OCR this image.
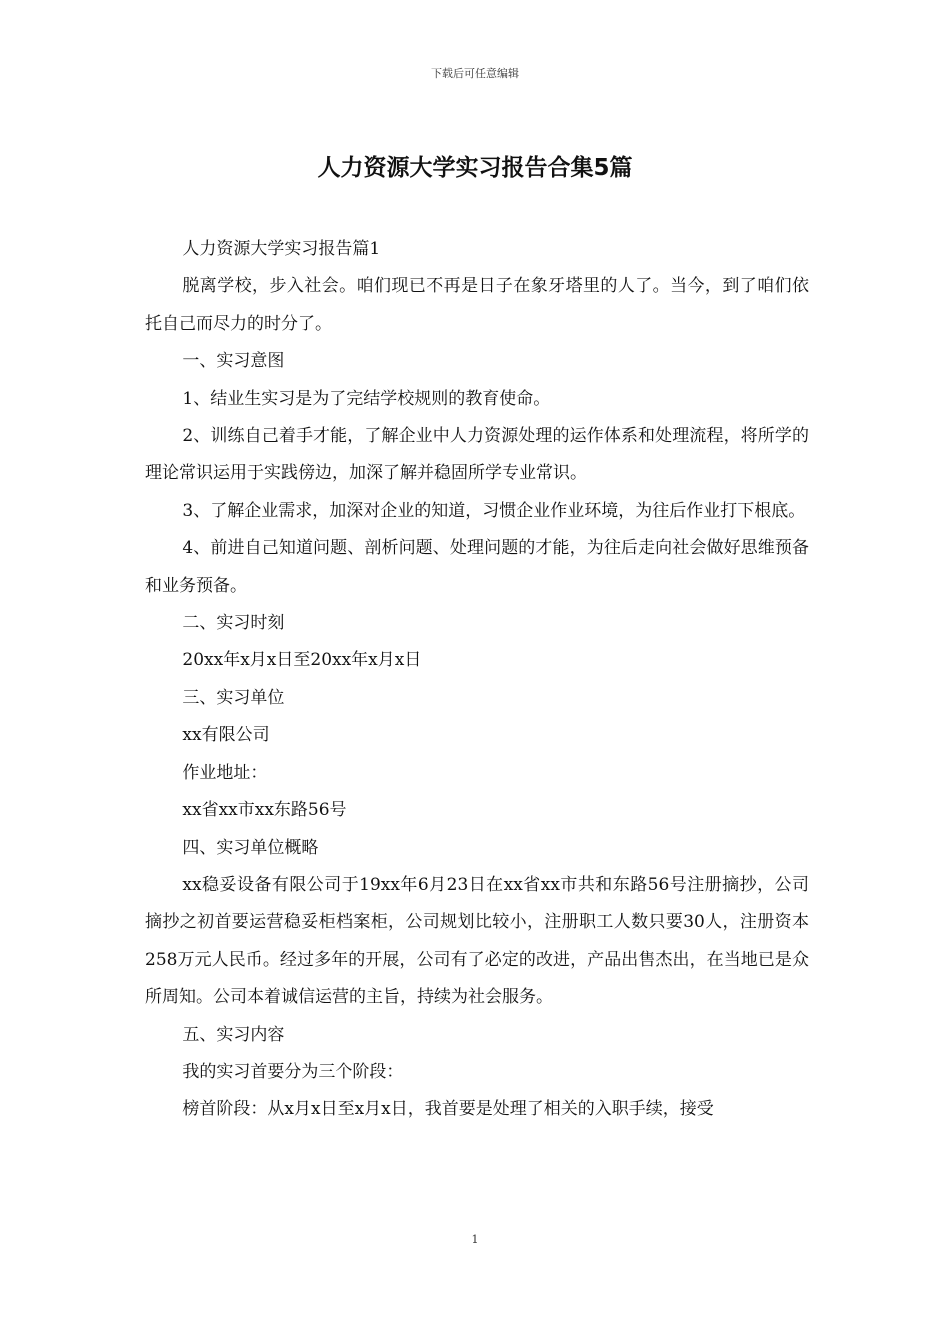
下载后可任意编辑
人力资源大学实习报告合集5篇

人力资源大学实习报告篇1

脱离学校，步入社会。咱们现已不再是日子在象牙塔里的人了。当今，到了咱们依托自己而尽力的时分了。

一、实习意图

1、结业生实习是为了完结学校规则的教育使命。

2、训练自己着手才能，了解企业中人力资源处理的运作体系和处理流程，将所学的理论常识运用于实践傍边，加深了解并稳固所学专业常识。

3、了解企业需求，加深对企业的知道，习惯企业作业环境，为往后作业打下根底。

4、前进自己知道问题、剖析问题、处理问题的才能，为往后走向社会做好思维预备和业务预备。

二、实习时刻

20xx年x月x日至20xx年x月x日

三、实习单位

xx有限公司

作业地址：

xx省xx市xx东路56号

四、实习单位概略

xx稳妥设备有限公司于19xx年6月23日在xx省xx市共和东路56号注册摘抄，公司摘抄之初首要运营稳妥柜档案柜，公司规划比较小，注册职工人数只要30人，注册资本258万元人民币。经过多年的开展，公司有了必定的改进，产品出售杰出，在当地已是众所周知。公司本着诚信运营的主旨，持续为社会服务。

五、实习内容

我的实习首要分为三个阶段：

榜首阶段：从x月x日至x月x日，我首要是处理了相关的入职手续，接受

1
